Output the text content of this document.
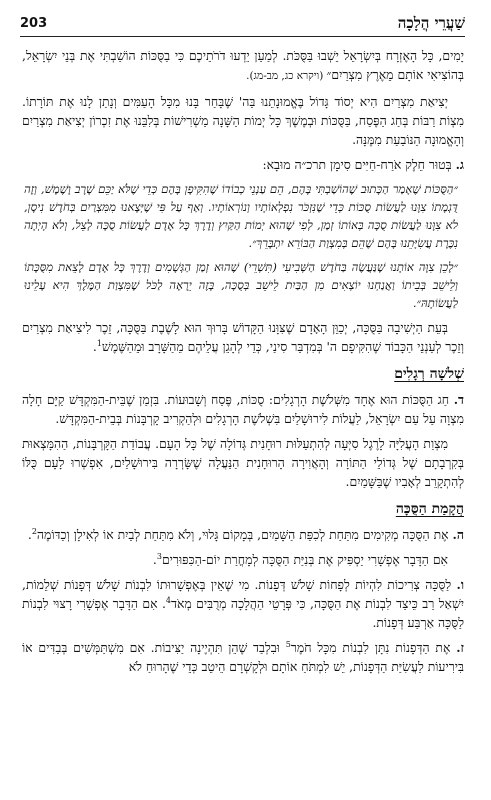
203	שַׁעֲרֵי הֲלָכָה

יָמִים, כָּל הָאֶזְרָח בְּיִשְׂרָאֵל יֵשְׁבוּ בַּסֻּכֹּת. לְמַעַן יֵדְעוּ דֹרֹתֵיכֶם כִּי בַסֻּכּוֹת הוֹשַׁבְתִּי אֶת בְּנֵי יִשְׂרָאֵל, בְּהוֹצִיאִי אוֹתָם מֵאֶרֶץ מִצְרַיִם״ (ויקרא כג, מב-מג).

יְצִיאַת מִצְרַיִם הִיא יְסוֹד גָּדוֹל בֶּאֱמוּנָתֵנוּ בַּה' שֶׁבָּחַר בָּנוּ מִכָּל הָעַמִּים וְנָתַן לָנוּ אֶת תּוֹרָתוֹ. מִצְוֹת רַבּוֹת בְּחַג הַפֶּסַח, בַּסֻּכּוֹת וּבְמֶשֶׁךְ כָּל יְמוֹת הַשָּׁנָה מַשְׁרִישׁוֹת בְּלִבֵּנוּ אֶת זִכְרוֹן יְצִיאַת מִצְרַיִם וְהָאֱמוּנָה הַנּוֹבַעַת מִמֶּנָּה.

ג. בְּטוּר חֵלֶק אֹרַח-חַיִּים סִימָן תרכ״ה מוּבָא:

״הַסֻּכּוֹת שֶׁאָמַר הַכָּתוּב שֶׁהוֹשַׁבְתִּי בָּהֶם, הֵם עַנְנֵי כְבוֹדוֹ שֶׁהִקִּיפָן בָּהֶם כְּדֵי שֶׁלֹּא יַכֵּם שָׁרָב וָשֶׁמֶשׁ, וְזֶה דֻּגְמָתוֹ צִוָּנוּ לַעֲשׂוֹת סֻכּוֹת כְּדֵי שֶׁנִּזְכֹּר נִפְלְאוֹתָיו וְנוֹרְאוֹתָיו. וְאַף עַל פִּי שֶׁיְּצָאנוּ מִמִּצְרַיִם בְּחֹדֶשׁ נִיסָן, לֹא צִוָּנוּ לַעֲשׂוֹת סֻכָּה בְּאוֹתוֹ זְמַן, לְפִי שֶׁהוּא יְמוֹת הַקַּיִץ וְדֶרֶךְ כָּל אָדָם לַעֲשׂוֹת סֻכָּה לְצֵל, וְלֹא הָיְתָה נִכֶּרֶת עֲשִׂיָּתֵנוּ בָּהֶם שֶׁהֵם בְּמִצְוַת הַבּוֹרֵא יִתְבָּרֵךְ״.

״לָכֵן צִוָּה אוֹתָנוּ שֶׁנַּעֲשֶׂה בַּחֹדֶשׁ הַשְּׁבִיעִי (תִּשְׁרֵי) שֶׁהוּא זְמַן הַגְּשָׁמִים וְדֶרֶךְ כָּל אָדָם לָצֵאת מִסֻּכָּתוֹ וְלֵישֵׁב בְּבֵיתוֹ וַאֲנַחְנוּ יוֹצְאִים מִן הַבַּיִת לֵישֵׁב בְּסֻכָּה, בָּזֶה יֵרָאֶה לַכֹּל שֶׁמִּצְוַת הַמֶּלֶךְ הִיא עָלֵינוּ לַעֲשׂוֹתָהּ״.

בְּעֵת הַיְשִׁיבָה בַּסֻּכָּה, יְכַוֵּן הָאָדָם שֶׁצִּוָּנוּ הַקָּדוֹשׁ בָּרוּךְ הוּא לָשֶׁבֶת בַּסֻּכָּה, זֵכֶר לִיצִיאַת מִצְרַיִם וְזֵכֶר לְעַנְנֵי הַכָּבוֹד שֶׁהִקִּיפָם ה' בְּמִדְבַּר סִינַי, כְּדֵי לְהָגֵן עֲלֵיהֶם מֵהַשָּׁרָב וּמֵהַשֶּׁמֶשׁ$^1$.

שְׁלשָׁה רְגָלִים

ד. חַג הַסֻּכּוֹת הוּא אֶחָד מִשְּׁלֹשֶׁת הָרְגָלִים: סֻכּוֹת, פֶּסַח וְשָׁבוּעוֹת. בִּזְמַן שֶׁבֵּית-הַמִּקְדָּשׁ קַיָּם חָלָה מִצְוָה עַל עַם יִשְׂרָאֵל, לַעֲלוֹת לִירוּשָׁלַיִם בִּשְׁלֹשֶׁת הָרְגָלִים וּלְהַקְרִיב קָרְבָּנוֹת בְּבֵית-הַמִּקְדָּשׁ.

מִצְוַת הָעֲלִיָּה לָרֶגֶל סִיְּעָה לְהִתְעַלּוּת רוּחָנִית גְּדוֹלָה שֶׁל כָּל הָעָם. עֲבוֹדַת הַקָּרְבָּנוֹת, הַהִמָּצְאוּת בְּקִרְבָתָם שֶׁל גְּדוֹלֵי הַתּוֹרָה וְהָאֲוִירָה הָרוּחָנִית הַנַּעֲלָה שֶׁשָּׂרְרָה בִּירוּשָׁלַיִם, אִפְשְׁרוּ לָעָם כֻּלּוֹ לְהִתְקָרֵב לְאָבִיו שֶׁבַּשָּׁמַיִם.

הֲקָמַת הַסֻּכָּה

ה. אֶת הַסֻּכָּה מְקִימִים מִתַּחַת לְכִפַּת הַשָּׁמַיִם, בְּמָקוֹם גָּלוּי, וְלֹא מִתַּחַת לְבַיִת אוֹ לְאִילָן וְכַדּוֹמֶה$^2$.

אִם הַדָּבָר אֶפְשָׁרִי יַסְפִּיק אֶת בְּנִיַּת הַסֻּכָּה לְמָחֳרַת יוֹם-הַכִּפּוּרִים$^3$.

ו. לַסֻּכָּה צְרִיכוֹת לִהְיוֹת לְפָחוֹת שָׁלֹשׁ דְּפָנוֹת. מִי שֶׁאֵין בְּאֶפְשָׁרוּתוֹ לִבְנוֹת שָׁלֹשׁ דְּפָנוֹת שְׁלֵמוֹת, יִשְׁאַל רַב כֵּיצַד לִבְנוֹת אֶת הַסֻּכָּה, כִּי פְּרָטֵי הַהֲלָכָה מְרֻבִּים מְאֹד$^4$. אִם הַדָּבָר אֶפְשָׁרִי רָצוּי לִבְנוֹת לַסֻּכָּה אַרְבַּע דְּפָנוֹת.

ז. אֶת הַדְּפָנוֹת נִתָּן לִבְנוֹת מִכָּל חֹמֶר$^5$ וּבִלְבַד שֶׁהֵן תִּהְיֶינָה יַצִּיבוֹת. אִם מִשְׁתַּמְּשִׁים בְּבַדִּים אוֹ בִּירִיעוֹת לַעֲשִׂיַּת הַדְּפָנוֹת, יֵשׁ לִמְתֹּחַ אוֹתָם וּלְקָשְׁרָם הֵיטֵב כְּדֵי שֶׁהָרוּחַ לֹא
